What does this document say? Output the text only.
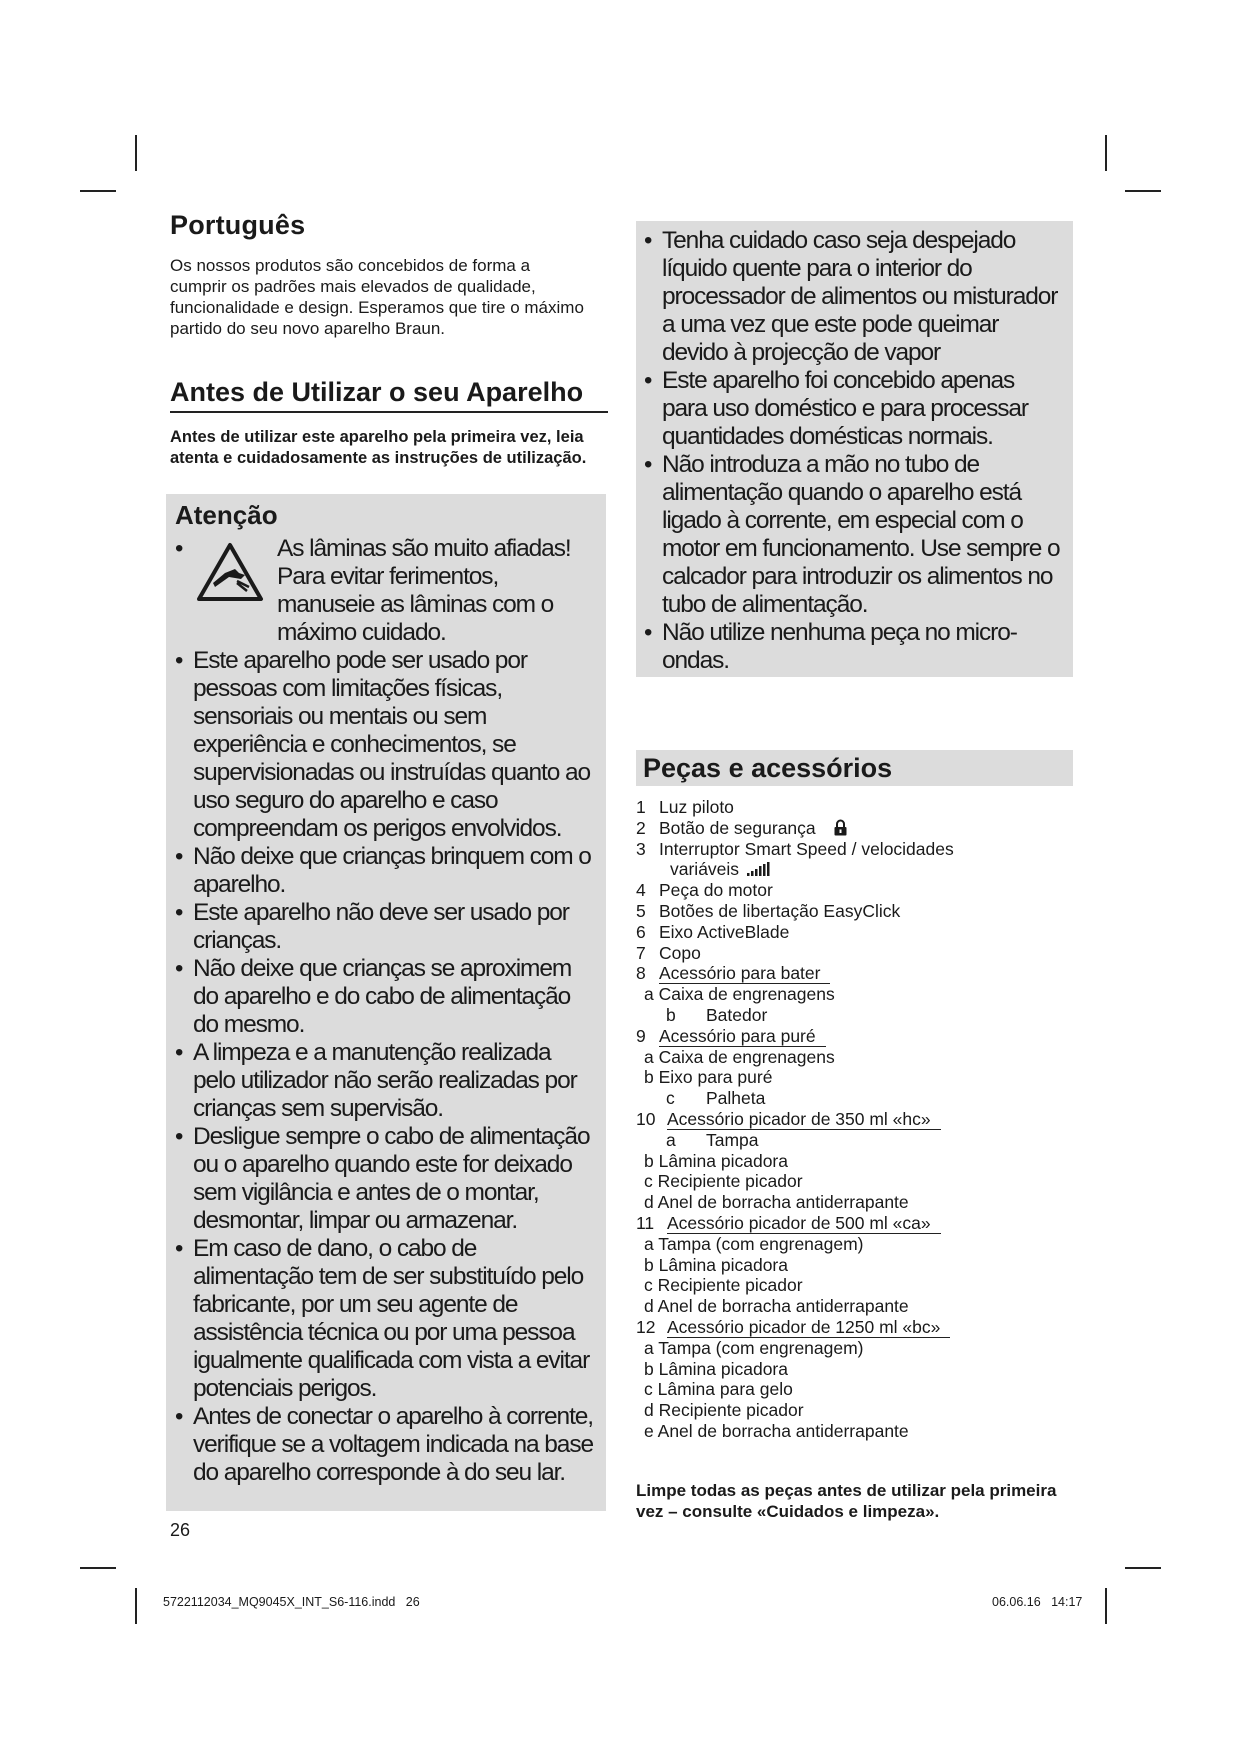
Português

Os nossos produtos são concebidos de forma a cumprir os padrões mais elevados de qualidade, funcionalidade e design. Esperamos que tire o máximo partido do seu novo aparelho Braun.

Antes de Utilizar o seu Aparelho

Antes de utilizar este aparelho pela primeira vez, leia atenta e cuidadosamente as instruções de utilização.

Atenção
• As lâminas são muito afiadas! Para evitar ferimentos, manuseie as lâminas com o máximo cuidado.
• Este aparelho pode ser usado por pessoas com limitações físicas, sensoriais ou mentais ou sem experiência e conhecimentos, se supervisionadas ou instruídas quanto ao uso seguro do aparelho e caso compreendam os perigos envolvidos.
• Não deixe que crianças brinquem com o aparelho.
• Este aparelho não deve ser usado por crianças.
• Não deixe que crianças se aproximem do aparelho e do cabo de alimentação do mesmo.
• A limpeza e a manutenção realizada pelo utilizador não serão realizadas por crianças sem supervisão.
• Desligue sempre o cabo de alimentação ou o aparelho quando este for deixado sem vigilância e antes de o montar, desmontar, limpar ou armazenar.
• Em caso de dano, o cabo de alimentação tem de ser substituído pelo fabricante, por um seu agente de assistência técnica ou por uma pessoa igualmente qualificada com vista a evitar potenciais perigos.
• Antes de conectar o aparelho à corrente, verifique se a voltagem indicada na base do aparelho corresponde à do seu lar.
• Tenha cuidado caso seja despejado líquido quente para o interior do processador de alimentos ou misturador a uma vez que este pode queimar devido à projecção de vapor
• Este aparelho foi concebido apenas para uso doméstico e para processar quantidades domésticas normais.
• Não introduza a mão no tubo de alimentação quando o aparelho está ligado à corrente, em especial com o motor em funcionamento. Use sempre o calcador para introduzir os alimentos no tubo de alimentação.
• Não utilize nenhuma peça no micro-ondas.
Peças e acessórios
1 Luz piloto
2 Botão de segurança
3 Interruptor Smart Speed / velocidades
variáveis
4 Peça do motor
5 Botões de libertação EasyClick
6 Eixo ActiveBlade
7 Copo
8 Acessório para bater
a Caixa de engrenagens
b Batedor
9 Acessório para puré
a Caixa de engrenagens
b Eixo para puré
c Palheta
10 Acessório picador de 350 ml «hc»
a Tampa
b Lâmina picadora
c Recipiente picador
d Anel de borracha antiderrapante
11 Acessório picador de 500 ml «ca»
a Tampa (com engrenagem)
b Lâmina picadora
c Recipiente picador
d Anel de borracha antiderrapante
12 Acessório picador de 1250 ml «bc»
a Tampa (com engrenagem)
b Lâmina picadora
c Lâmina para gelo
d Recipiente picador
e Anel de borracha antiderrapante

Limpe todas as peças antes de utilizar pela primeira vez – consulte «Cuidados e limpeza».

26
5722112034_MQ9045X_INT_S6-116.indd   26	06.06.16   14:17
